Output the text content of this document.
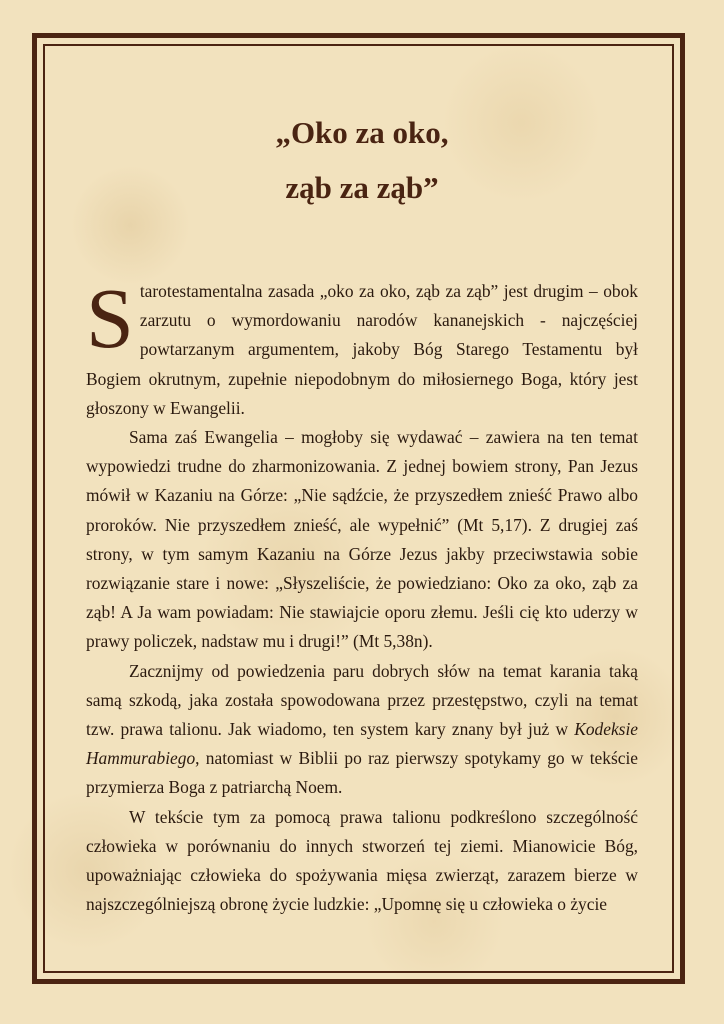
„Oko za oko,
ząb za ząb”

Starotestamentalna zasada „oko za oko, ząb za ząb” jest drugim – obok zarzutu o wymordowaniu narodów kananejskich - najczęściej powtarzanym argumentem, jakoby Bóg Starego Testamentu był Bogiem okrutnym, zupełnie niepodobnym do miłosiernego Boga, który jest głoszony w Ewangelii.

Sama zaś Ewangelia – mogłoby się wydawać – zawiera na ten temat wypowiedzi trudne do zharmonizowania. Z jednej bowiem strony, Pan Jezus mówił w Kazaniu na Górze: „Nie sądźcie, że przyszedłem znieść Prawo albo proroków. Nie przyszedłem znieść, ale wypełnić” (Mt 5,17). Z drugiej zaś strony, w tym samym Kazaniu na Górze Jezus jakby przeciwstawia sobie rozwiązanie stare i nowe: „Słyszeliście, że powiedziano: Oko za oko, ząb za ząb! A Ja wam powiadam: Nie stawiajcie oporu złemu. Jeśli cię kto uderzy w prawy policzek, nadstaw mu i drugi!” (Mt 5,38n).

Zacznijmy od powiedzenia paru dobrych słów na temat karania taką samą szkodą, jaka została spowodowana przez przestępstwo, czyli na temat tzw. prawa talionu. Jak wiadomo, ten system kary znany był już w Kodeksie Hammurabiego, natomiast w Biblii po raz pierwszy spotykamy go w tekście przymierza Boga z patriarchą Noem.

W tekście tym za pomocą prawa talionu podkreślono szczególność człowieka w porównaniu do innych stworzeń tej ziemi. Mianowicie Bóg, upoważniając człowieka do spożywania mięsa zwierząt, zarazem bierze w najszczególniejszą obronę życie ludzkie: „Upomnę się u człowieka o życie
